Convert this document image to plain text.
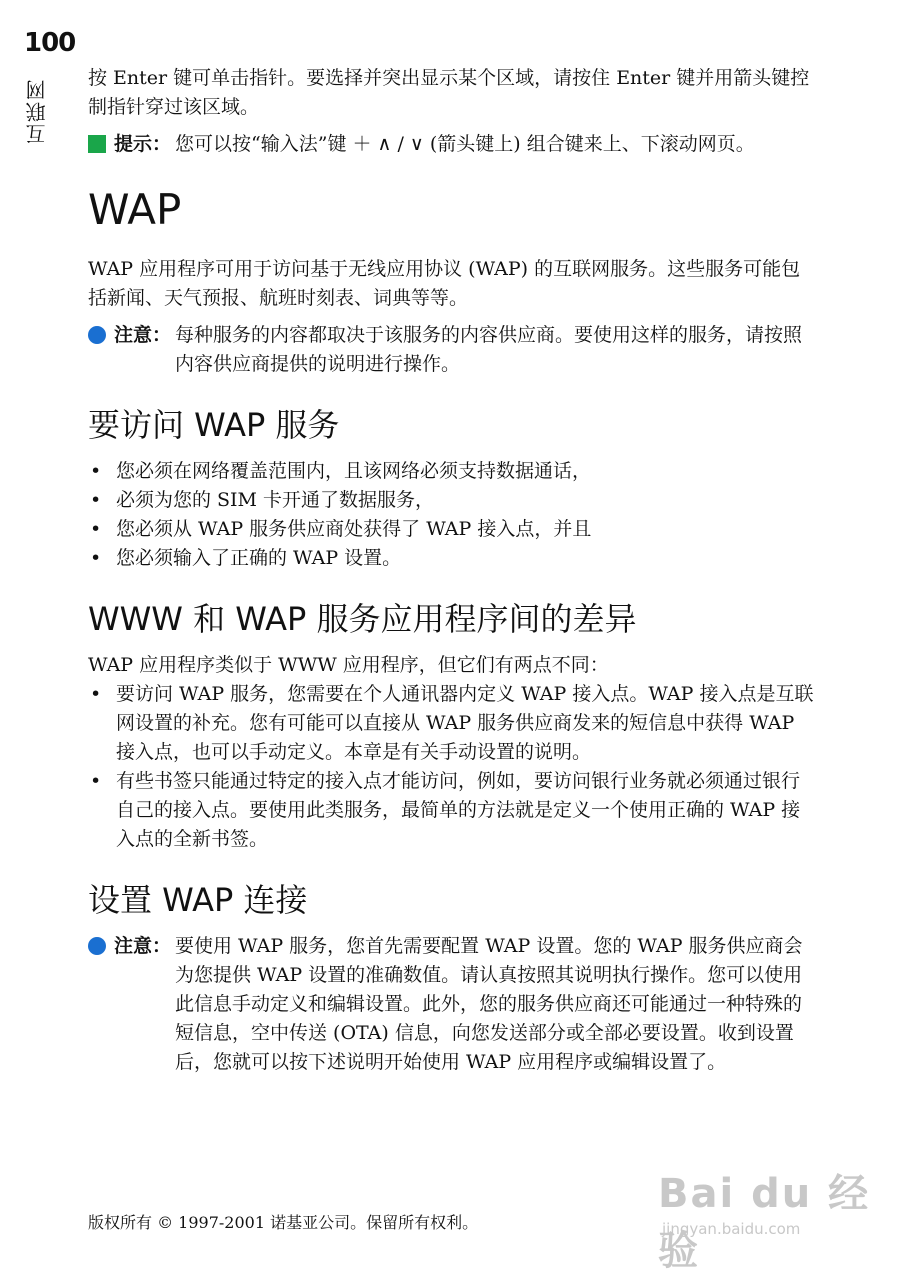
100
互联网 按 Enter 键可单击指针。要选择并突出显示某个区域，请按住 Enter 键并用箭头键控制指针穿过该区域。

提示： 您可以按“输入法”键 ＋ ∧ / ∨ (箭头键上) 组合键来上、下滚动网页。
WAP

WAP 应用程序可用于访问基于无线应用协议 (WAP) 的互联网服务。这些服务可能包括新闻、天气预报、航班时刻表、词典等等。

注意： 每种服务的内容都取决于该服务的内容供应商。要使用这样的服务，请按照内容供应商提供的说明进行操作。
要访问 WAP 服务
• 您必须在网络覆盖范围内，且该网络必须支持数据通话，
• 必须为您的 SIM 卡开通了数据服务，
• 您必须从 WAP 服务供应商处获得了 WAP 接入点，并且
• 您必须输入了正确的 WAP 设置。
WWW 和 WAP 服务应用程序间的差异

WAP 应用程序类似于 WWW 应用程序，但它们有两点不同：

• 要访问 WAP 服务，您需要在个人通讯器内定义 WAP 接入点。WAP 接入点是互联网设置的补充。您有可能可以直接从 WAP 服务供应商发来的短信息中获得 WAP 接入点，也可以手动定义。本章是有关手动设置的说明。
• 有些书签只能通过特定的接入点才能访问，例如，要访问银行业务就必须通过银行自己的接入点。要使用此类服务，最简单的方法就是定义一个使用正确的 WAP 接入点的全新书签。
设置 WAP 连接
注意： 要使用 WAP 服务，您首先需要配置 WAP 设置。您的 WAP 服务供应商会为您提供 WAP 设置的准确数值。请认真按照其说明执行操作。您可以使用此信息手动定义和编辑设置。此外，您的服务供应商还可能通过一种特殊的短信息，空中传送 (OTA) 信息，向您发送部分或全部必要设置。收到设置后，您就可以按下述说明开始使用 WAP 应用程序或编辑设置了。
版权所有 © 1997-2001 诺基亚公司。保留所有权利。
Bai du 经验
jingyan.baidu.com
